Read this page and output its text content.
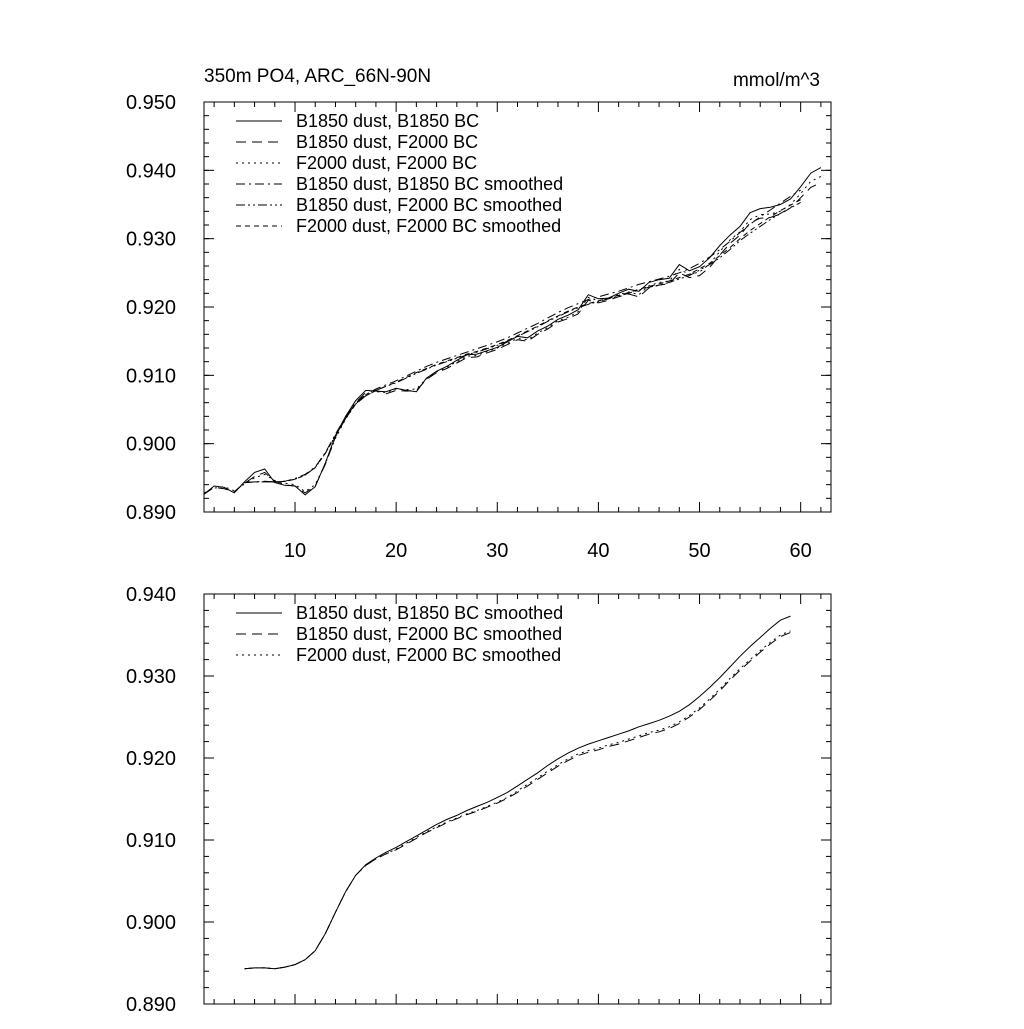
350m PO4, ARC_66N-90N	mmol/m^3
0.890
0.900
0.910
0.920
0.930
0.940
0.950
10	20	30	40	50	60
B1850 dust, B1850 BC
B1850 dust, F2000 BC
F2000 dust, F2000 BC
B1850 dust, B1850 BC smoothed
B1850 dust, F2000 BC smoothed
F2000 dust, F2000 BC smoothed
0.890
0.900
0.910
0.920
0.930
0.940
B1850 dust, B1850 BC smoothed
B1850 dust, F2000 BC smoothed
F2000 dust, F2000 BC smoothed
